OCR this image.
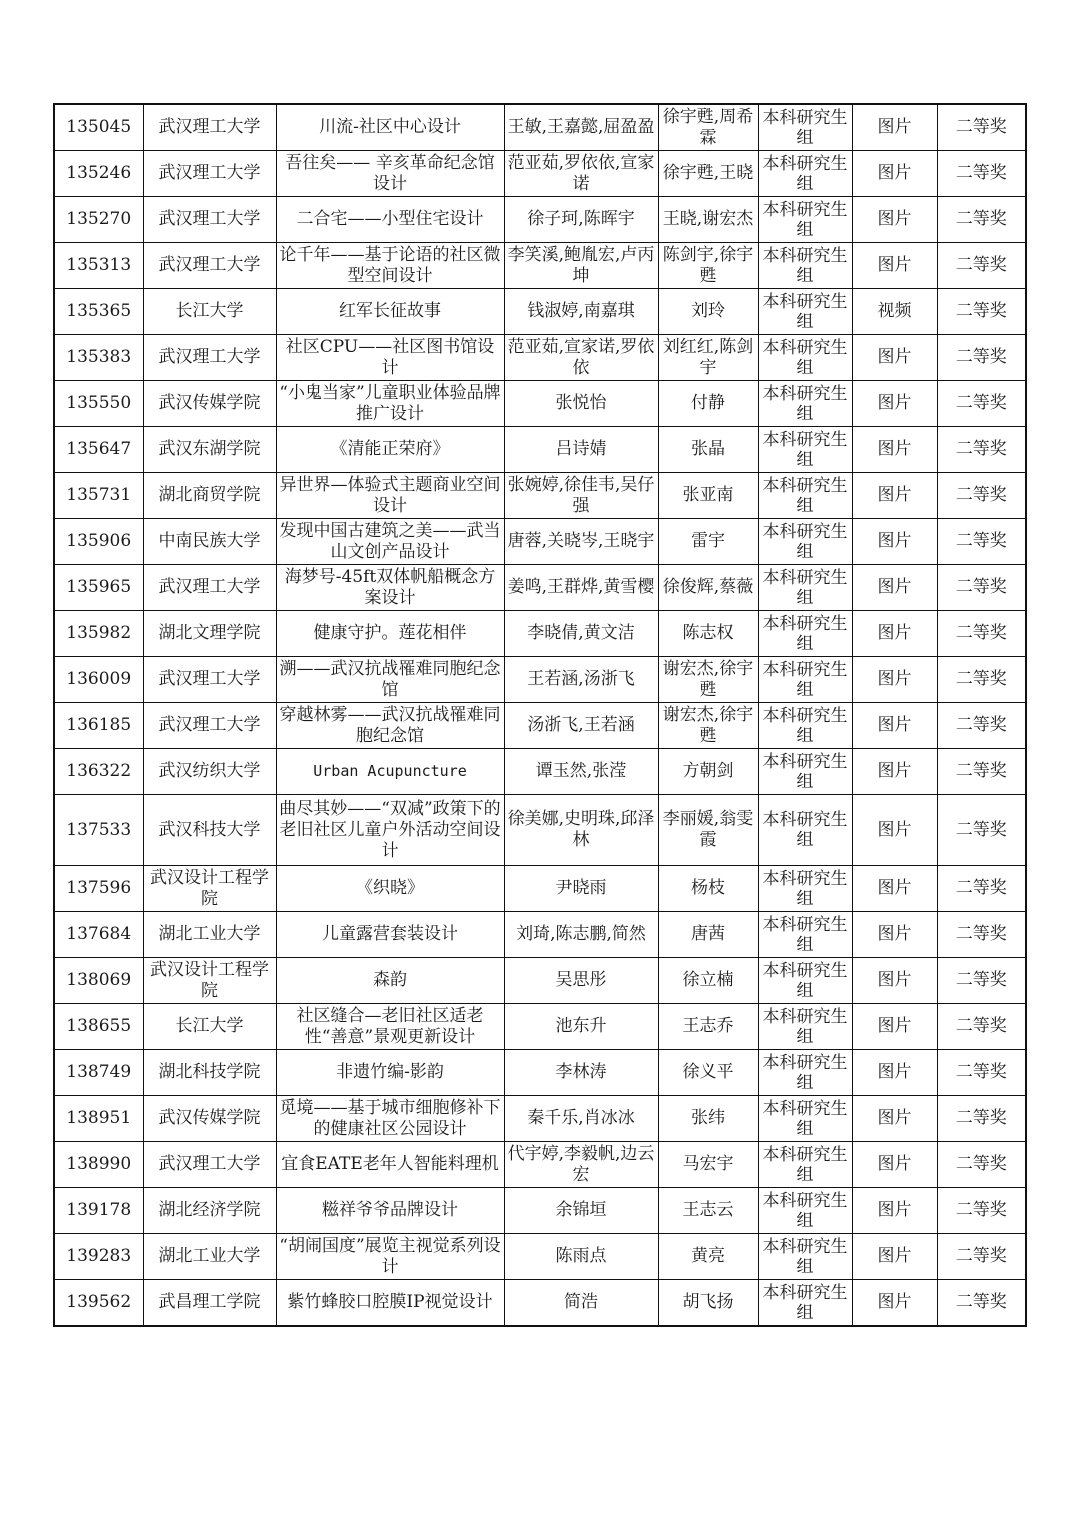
135045	武汉理工大学	川流-社区中心设计	王敏,王嘉懿,屈盈盈	徐宇甦,周希霖	本科研究生组	图片	二等奖
135246	武汉理工大学	吾往矣—— 辛亥革命纪念馆设计	范亚茹,罗依依,宣家诺	徐宇甦,王晓	本科研究生组	图片	二等奖
135270	武汉理工大学	二合宅——小型住宅设计	徐子珂,陈晖宇	王晓,谢宏杰	本科研究生组	图片	二等奖
135313	武汉理工大学	论千年——基于论语的社区微型空间设计	李笑溪,鲍胤宏,卢丙坤	陈剑宇,徐宇甦	本科研究生组	图片	二等奖
135365	长江大学	红军长征故事	钱淑婷,南嘉琪	刘玲	本科研究生组	视频	二等奖
135383	武汉理工大学	社区CPU——社区图书馆设计	范亚茹,宣家诺,罗依依	刘红红,陈剑宇	本科研究生组	图片	二等奖
135550	武汉传媒学院	“小鬼当家”儿童职业体验品牌推广设计	张悦怡	付静	本科研究生组	图片	二等奖
135647	武汉东湖学院	《清能正荣府》	吕诗婧	张晶	本科研究生组	图片	二等奖
135731	湖北商贸学院	异世界—体验式主题商业空间设计	张婉婷,徐佳韦,吴仔强	张亚南	本科研究生组	图片	二等奖
135906	中南民族大学	发现中国古建筑之美——武当山文创产品设计	唐蓉,关晓岑,王晓宇	雷宇	本科研究生组	图片	二等奖
135965	武汉理工大学	海梦号-45ft双体帆船概念方案设计	姜鸣,王群烨,黄雪樱	徐俊辉,蔡薇	本科研究生组	图片	二等奖
135982	湖北文理学院	健康守护。莲花相伴	李晓倩,黄文洁	陈志权	本科研究生组	图片	二等奖
136009	武汉理工大学	溯——武汉抗战罹难同胞纪念馆	王若涵,汤浙飞	谢宏杰,徐宇甦	本科研究生组	图片	二等奖
136185	武汉理工大学	穿越林雾——武汉抗战罹难同胞纪念馆	汤浙飞,王若涵	谢宏杰,徐宇甦	本科研究生组	图片	二等奖
136322	武汉纺织大学	Urban Acupuncture	谭玉然,张滢	方朝剑	本科研究生组	图片	二等奖
137533	武汉科技大学	曲尽其妙——“双减”政策下的老旧社区儿童户外活动空间设计	徐美娜,史明珠,邱泽林	李丽媛,翁雯霞	本科研究生组	图片	二等奖
137596	武汉设计工程学院	《织晓》	尹晓雨	杨枝	本科研究生组	图片	二等奖
137684	湖北工业大学	儿童露营套装设计	刘琦,陈志鹏,简然	唐茜	本科研究生组	图片	二等奖
138069	武汉设计工程学院	森韵	吴思彤	徐立楠	本科研究生组	图片	二等奖
138655	长江大学	社区缝合—老旧社区适老性“善意”景观更新设计	池东升	王志乔	本科研究生组	图片	二等奖
138749	湖北科技学院	非遗竹编-影韵	李林涛	徐义平	本科研究生组	图片	二等奖
138951	武汉传媒学院	觅境——基于城市细胞修补下的健康社区公园设计	秦千乐,肖冰冰	张纬	本科研究生组	图片	二等奖
138990	武汉理工大学	宜食EATE老年人智能料理机	代宇婷,李毅帆,边云宏	马宏宇	本科研究生组	图片	二等奖
139178	湖北经济学院	糍祥爷爷品牌设计	余锦垣	王志云	本科研究生组	图片	二等奖
139283	湖北工业大学	“胡闹国度”展览主视觉系列设计	陈雨点	黄亮	本科研究生组	图片	二等奖
139562	武昌理工学院	紫竹蜂胶口腔膜IP视觉设计	简浩	胡飞扬	本科研究生组	图片	二等奖
